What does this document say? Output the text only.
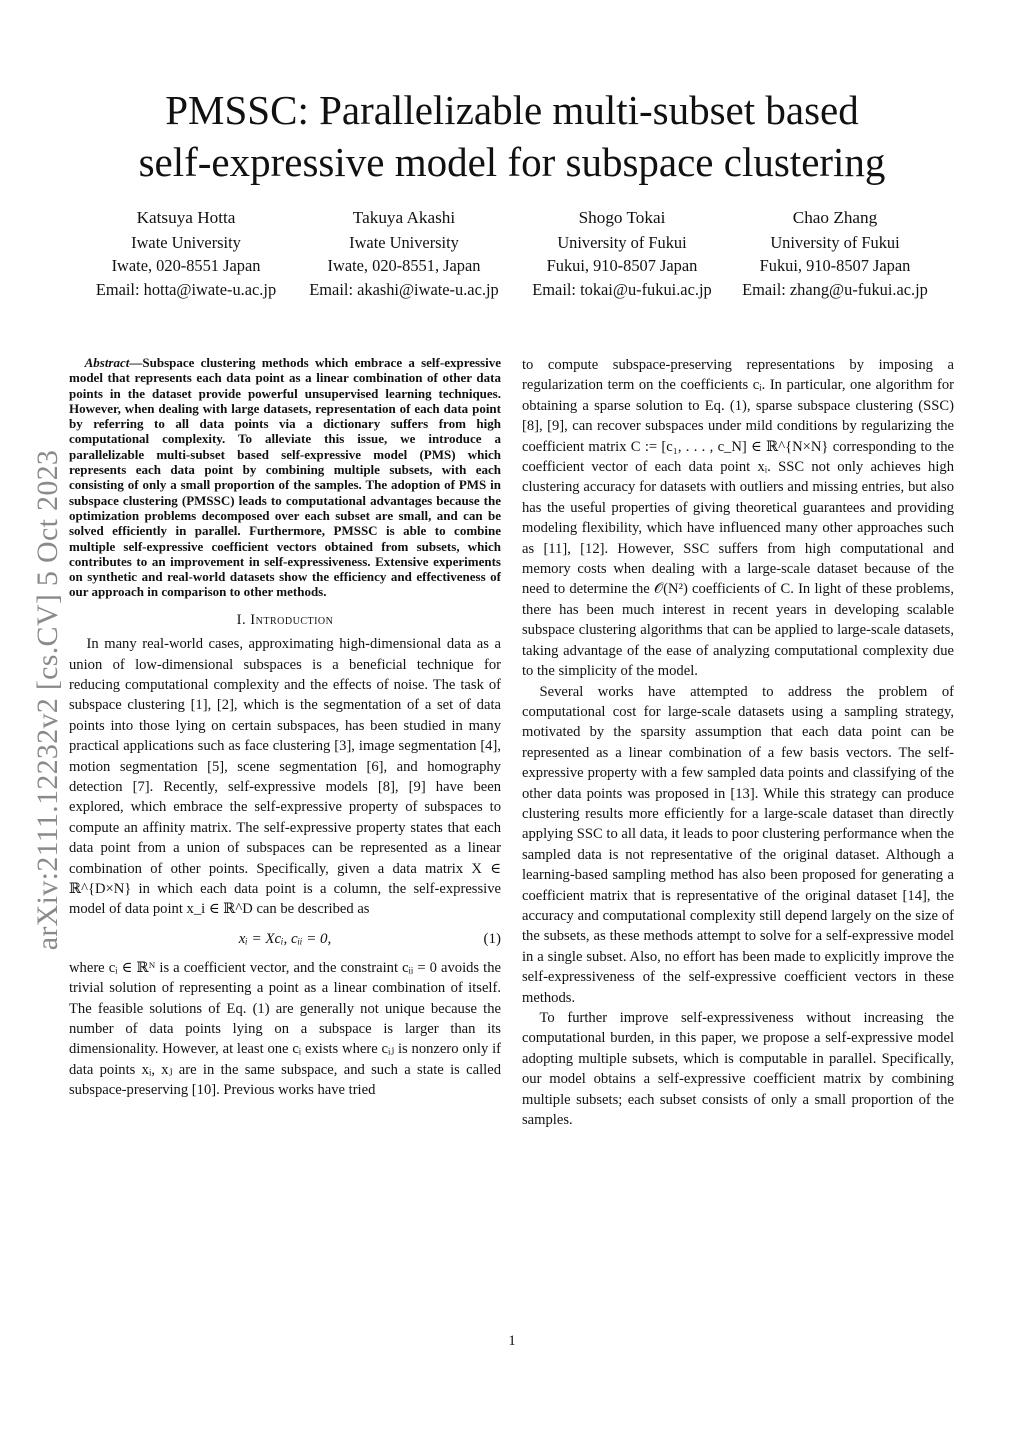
arXiv:2111.12232v2 [cs.CV] 5 Oct 2023
PMSSC: Parallelizable multi-subset based
self-expressive model for subspace clustering
Katsuya Hotta
Iwate University
Iwate, 020-8551 Japan
Email: hotta@iwate-u.ac.jp
Takuya Akashi
Iwate University
Iwate, 020-8551, Japan
Email: akashi@iwate-u.ac.jp
Shogo Tokai
University of Fukui
Fukui, 910-8507 Japan
Email: tokai@u-fukui.ac.jp
Chao Zhang
University of Fukui
Fukui, 910-8507 Japan
Email: zhang@u-fukui.ac.jp

Abstract—Subspace clustering methods which embrace a self-expressive model that represents each data point as a linear combination of other data points in the dataset provide powerful unsupervised learning techniques. However, when dealing with large datasets, representation of each data point by referring to all data points via a dictionary suffers from high computational complexity. To alleviate this issue, we introduce a parallelizable multi-subset based self-expressive model (PMS) which represents each data point by combining multiple subsets, with each consisting of only a small proportion of the samples. The adoption of PMS in subspace clustering (PMSSC) leads to computational advantages because the optimization problems decomposed over each subset are small, and can be solved efficiently in parallel. Furthermore, PMSSC is able to combine multiple self-expressive coefficient vectors obtained from subsets, which contributes to an improvement in self-expressiveness. Extensive experiments on synthetic and real-world datasets show the efficiency and effectiveness of our approach in comparison to other methods.

I. Introduction

In many real-world cases, approximating high-dimensional data as a union of low-dimensional subspaces is a beneficial technique for reducing computational complexity and the effects of noise. The task of subspace clustering [1], [2], which is the segmentation of a set of data points into those lying on certain subspaces, has been studied in many practical applications such as face clustering [3], image segmentation [4], motion segmentation [5], scene segmentation [6], and homography detection [7]. Recently, self-expressive models [8], [9] have been explored, which embrace the self-expressive property of subspaces to compute an affinity matrix. The self-expressive property states that each data point from a union of subspaces can be represented as a linear combination of other points. Specifically, given a data matrix X ∈ ℝ^{D×N} in which each data point is a column, the self-expressive model of data point x_i ∈ ℝ^D can be described as

xᵢ = Xcᵢ, cᵢᵢ = 0,	(1)

where cᵢ ∈ ℝᴺ is a coefficient vector, and the constraint cᵢᵢ = 0 avoids the trivial solution of representing a point as a linear combination of itself. The feasible solutions of Eq. (1) are generally not unique because the number of data points lying on a subspace is larger than its dimensionality. However, at least one cᵢ exists where cᵢⱼ is nonzero only if data points xᵢ, xⱼ are in the same subspace, and such a state is called subspace-preserving [10]. Previous works have tried

to compute subspace-preserving representations by imposing a regularization term on the coefficients cᵢ. In particular, one algorithm for obtaining a sparse solution to Eq. (1), sparse subspace clustering (SSC) [8], [9], can recover subspaces under mild conditions by regularizing the coefficient matrix C := [c₁, . . . , c_N] ∈ ℝ^{N×N} corresponding to the coefficient vector of each data point xᵢ. SSC not only achieves high clustering accuracy for datasets with outliers and missing entries, but also has the useful properties of giving theoretical guarantees and providing modeling flexibility, which have influenced many other approaches such as [11], [12]. However, SSC suffers from high computational and memory costs when dealing with a large-scale dataset because of the need to determine the 𝒪(N²) coefficients of C. In light of these problems, there has been much interest in recent years in developing scalable subspace clustering algorithms that can be applied to large-scale datasets, taking advantage of the ease of analyzing computational complexity due to the simplicity of the model.

Several works have attempted to address the problem of computational cost for large-scale datasets using a sampling strategy, motivated by the sparsity assumption that each data point can be represented as a linear combination of a few basis vectors. The self-expressive property with a few sampled data points and classifying of the other data points was proposed in [13]. While this strategy can produce clustering results more efficiently for a large-scale dataset than directly applying SSC to all data, it leads to poor clustering performance when the sampled data is not representative of the original dataset. Although a learning-based sampling method has also been proposed for generating a coefficient matrix that is representative of the original dataset [14], the accuracy and computational complexity still depend largely on the size of the subsets, as these methods attempt to solve for a self-expressive model in a single subset. Also, no effort has been made to explicitly improve the self-expressiveness of the self-expressive coefficient vectors in these methods.

To further improve self-expressiveness without increasing the computational burden, in this paper, we propose a self-expressive model adopting multiple subsets, which is computable in parallel. Specifically, our model obtains a self-expressive coefficient matrix by combining multiple subsets; each subset consists of only a small proportion of the samples.

1
